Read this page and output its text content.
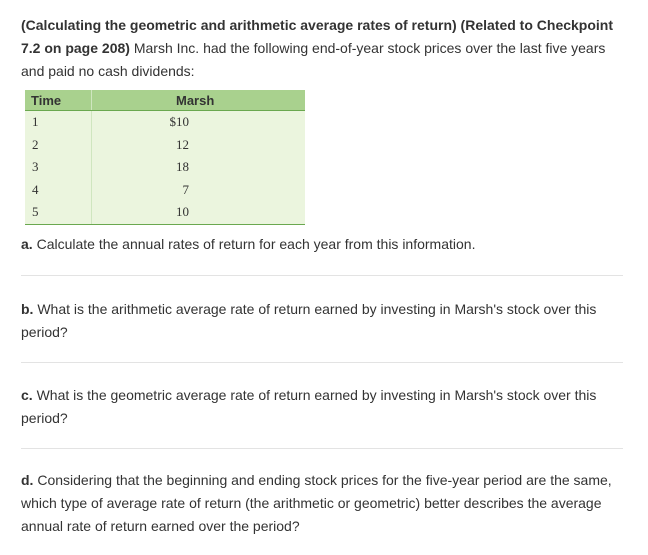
(Calculating the geometric and arithmetic average rates of return) (Related to Checkpoint 7.2 on page 208) Marsh Inc. had the following end-of-year stock prices over the last five years and paid no cash dividends:
Time	Marsh
1	$10
2	12
3	18
4	7
5	10
a. Calculate the annual rates of return for each year from this information.
b. What is the arithmetic average rate of return earned by investing in Marsh's stock over this period?
c. What is the geometric average rate of return earned by investing in Marsh's stock over this period?
d. Considering that the beginning and ending stock prices for the five-year period are the same, which type of average rate of return (the arithmetic or geometric) better describes the average annual rate of return earned over the period?
